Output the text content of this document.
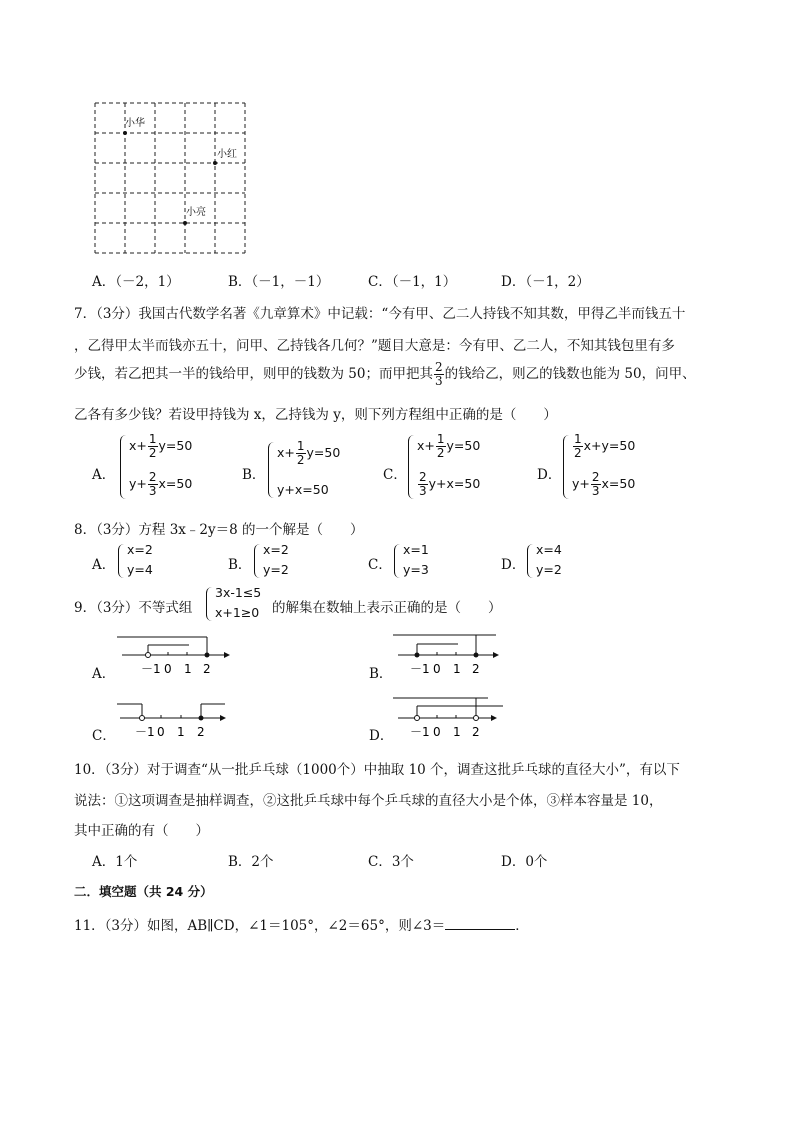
小华
小红
小亮
A．（－2，1）	B．（－1，－1）	C．（－1，1）	D．（－1，2）
7．（3分）我国古代数学名著《九章算术》中记载：“今有甲、乙二人持钱不知其数，甲得乙半而钱五十
，乙得甲太半而钱亦五十，问甲、乙持钱各几何？”题目大意是：今有甲、乙二人，不知其钱包里有多
少钱，若乙把其一半的钱给甲，则甲的钱数为 50；而甲把其 $\frac{2}{3}$ 的钱给乙，则乙的钱数也能为 50，问甲、
乙各有多少钱？若设甲持钱为 x，乙持钱为 y，则下列方程组中正确的是（　　）
A．
$x+ \frac{1}{2} y=50$
$y+ \frac{2}{3} x=50$
B．
$x+ \frac{1}{2} y=50$
y+x=50
C．
$x+ \frac{1}{2} y=50$
$\frac{2}{3} y+x=50$
D．
$\frac{1}{2} x+y=50$
$y+ \frac{2}{3} x=50$
8．（3分）方程 3x﹣2y＝8 的一个解是（　　）
A．
x=2
y=4	B．
x=2
y=2	C．
x=1
y=3	D．
x=4
y=2
9．（3分）不等式组
3x-1≤5
x+1≥0 的解集在数轴上表示正确的是（　　）
A． －1 0 1 2	B． －1 0 1 2
C． －1 0 1 2	D． －1 0 1 2
10．（3分）对于调查“从一批乒乓球（1000个）中抽取 10 个，调查这批乒乓球的直径大小”，有以下
说法：①这项调查是抽样调查，②这批乒乓球中每个乒乓球的直径大小是个体，③样本容量是 10，
其中正确的有（　　）
A．1个	B．2个	C．3个	D．0个
二．填空题（共 24 分）
11．（3分）如图，AB∥CD，∠1＝105°，∠2＝65°，则∠3＝	．
